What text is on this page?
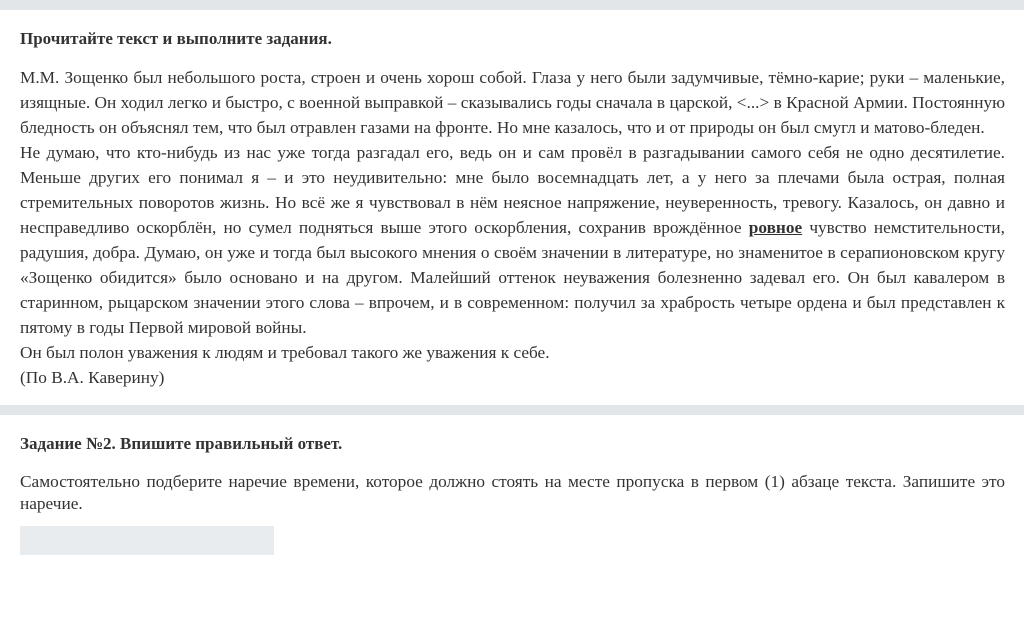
Прочитайте текст и выполните задания.

М.М. Зощенко был небольшого роста, строен и очень хорош собой. Глаза у него были задумчивые, тёмно-карие; руки – маленькие, изящные. Он ходил легко и быстро, с военной выправкой – сказывались годы сначала в царской, <...> в Красной Армии. Постоянную бледность он объяснял тем, что был отравлен газами на фронте. Но мне казалось, что и от природы он был смугл и матово-бледен.

Не думаю, что кто-нибудь из нас уже тогда разгадал его, ведь он и сам провёл в разгадывании самого себя не одно десятилетие. Меньше других его понимал я – и это неудивительно: мне было восемнадцать лет, а у него за плечами была острая, полная стремительных поворотов жизнь. Но всё же я чувствовал в нём неясное напряжение, неуверенность, тревогу. Казалось, он давно и несправедливо оскорблён, но сумел подняться выше этого оскорбления, сохранив врождённое ровное чувство немстительности, радушия, добра. Думаю, он уже и тогда был высокого мнения о своём значении в литературе, но знаменитое в серапионовском кругу «Зощенко обидится» было основано и на другом. Малейший оттенок неуважения болезненно задевал его. Он был кавалером в старинном, рыцарском значении этого слова – впрочем, и в современном: получил за храбрость четыре ордена и был представлен к пятому в годы Первой мировой войны.

Он был полон уважения к людям и требовал такого же уважения к себе.

(По В.А. Каверину)

Задание №2. Впишите правильный ответ.
Самостоятельно подберите наречие времени, которое должно стоять на месте пропуска в первом (1) абзаце текста. Запишите это наречие.
